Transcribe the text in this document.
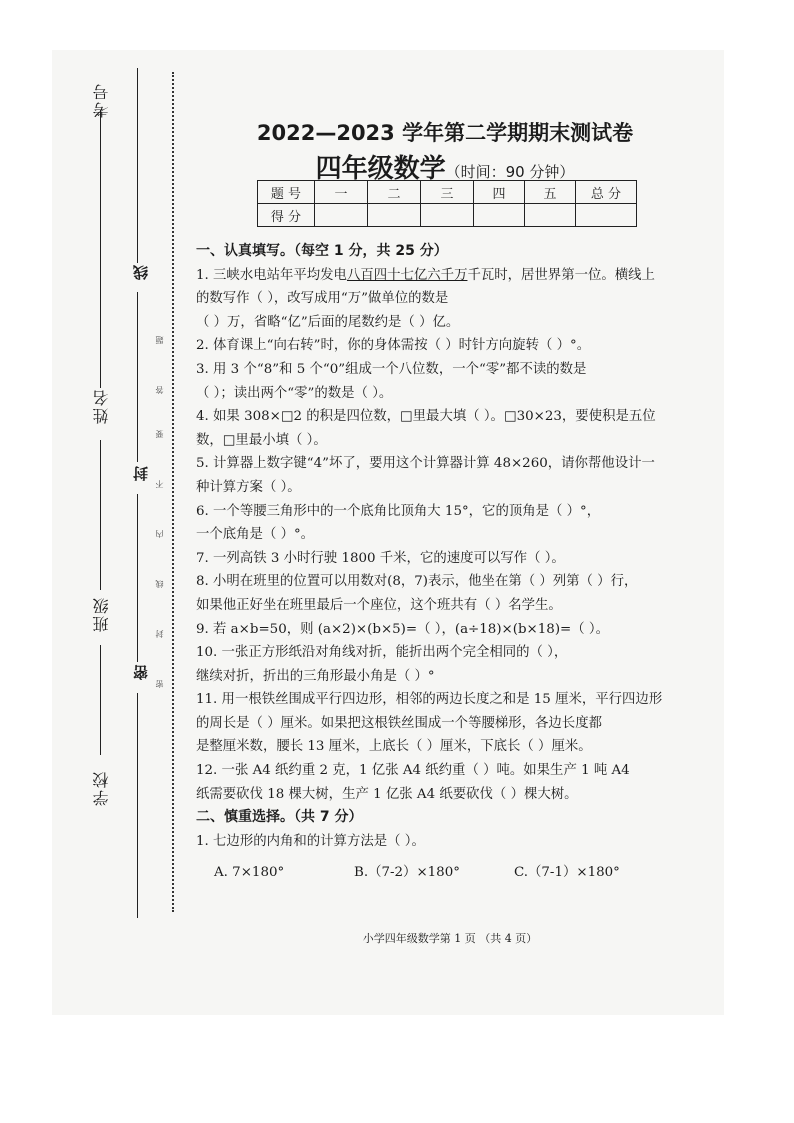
考号
姓名
班级
学校
线
封
密
题
答
要
不
内
线
封
密
2022—2023 学年第二学期期末测试卷
四年级数学（时间：90 分钟）
题 号	一	二	三	四	五	总 分
得 分						
一、认真填写。（每空 1 分，共 25 分）
1. 三峡水电站年平均发电八百四十七亿六千万千瓦时，居世界第一位。横线上
的数写作（ ），改写成用“万”做单位的数是
（ ）万，省略“亿”后面的尾数约是（ ）亿。
2. 体育课上“向右转”时，你的身体需按（ ）时针方向旋转（ ）°。
3. 用 3 个“8”和 5 个“0”组成一个八位数，一个“零”都不读的数是
（ ）；读出两个“零”的数是（ ）。
4. 如果 308×□2 的积是四位数，□里最大填（ ）。□30×23，要使积是五位
数，□里最小填（ ）。
5. 计算器上数字键“4”坏了，要用这个计算器计算 48×260，请你帮他设计一
种计算方案（ ）。
6. 一个等腰三角形中的一个底角比顶角大 15°，它的顶角是（ ）°，
一个底角是（ ）°。
7. 一列高铁 3 小时行驶 1800 千米，它的速度可以写作（ ）。
8. 小明在班里的位置可以用数对(8，7)表示，他坐在第（ ）列第（ ）行，
如果他正好坐在班里最后一个座位，这个班共有（ ）名学生。
9. 若 a×b=50，则 (a×2)×(b×5)=（ ），(a÷18)×(b×18)=（ ）。
10. 一张正方形纸沿对角线对折，能折出两个完全相同的（ ），
继续对折，折出的三角形最小角是（ ）°
11. 用一根铁丝围成平行四边形，相邻的两边长度之和是 15 厘米，平行四边形
的周长是（ ）厘米。如果把这根铁丝围成一个等腰梯形，各边长度都
是整厘米数，腰长 13 厘米，上底长（ ）厘米，下底长（ ）厘米。
12. 一张 A4 纸约重 2 克，1 亿张 A4 纸约重（ ）吨。如果生产 1 吨 A4
纸需要砍伐 18 棵大树，生产 1 亿张 A4 纸要砍伐（ ）棵大树。
二、慎重选择。（共 7 分）
1. 七边形的内角和的计算方法是（ ）。
A. 7×180°	B.（7-2）×180°	C.（7-1）×180°
小学四年级数学第 1 页 （共 4 页）
